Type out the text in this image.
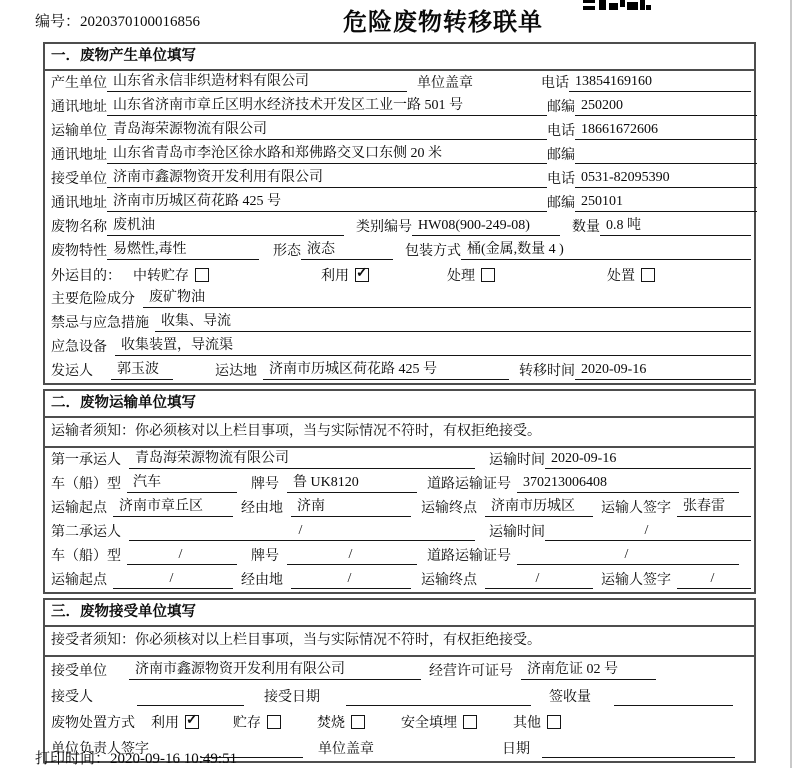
编号：2020370100016856	危险废物转移联单
一．废物产生单位填写
产生单位 山东省永信非织造材料有限公司	单位盖章	电话 13854169160
通讯地址 山东省济南市章丘区明水经济技术开发区工业一路 501 号	邮编 250200
运输单位 青岛海荣源物流有限公司	电话 18661672606
通讯地址 山东省青岛市李沧区徐水路和郑佛路交叉口东侧 20 米	邮编
接受单位 济南市鑫源物资开发利用有限公司	电话 0531-82095390
通讯地址 济南市历城区荷花路 425 号	邮编 250101
废物名称 废机油	类别编号 HW08(900-249-08)	数量 0.8 吨
废物特性 易燃性,毒性	形态 液态	包装方式 桶(金属,数量 4 )
外运目的： 中转贮存	利用 ✓	处理	处置
主要危险成分	废矿物油
禁忌与应急措施 收集、导流
应急设备	收集装置，导流渠
发运人	郭玉波	运达地 济南市历城区荷花路 425 号	转移时间 2020-09-16
二．废物运输单位填写
运输者须知：你必须核对以上栏目事项，当与实际情况不符时，有权拒绝接受。
第一承运人	青岛海荣源物流有限公司	运输时间 2020-09-16
车（船）型 汽车	牌号	鲁 UK8120	道路运输证号 370213006408
运输起点 济南市章丘区	经由地	济南	运输终点	济南市历城区	运输人签字 张春雷
第二承运人	/	运输时间	/
车（船）型	/	牌号	/	道路运输证号	/
运输起点	/	经由地	/	运输终点	/	运输人签字	/
三．废物接受单位填写
接受者须知：你必须核对以上栏目事项，当与实际情况不符时，有权拒绝接受。
接受单位	济南市鑫源物资开发利用有限公司	经营许可证号	济南危证 02 号
接受人	接受日期	签收量
废物处置方式 利用 ✓	贮存	焚烧	安全填埋	其他
单位负责人签字	单位盖章	日期
打印时间：2020-09-16 10:49:51
